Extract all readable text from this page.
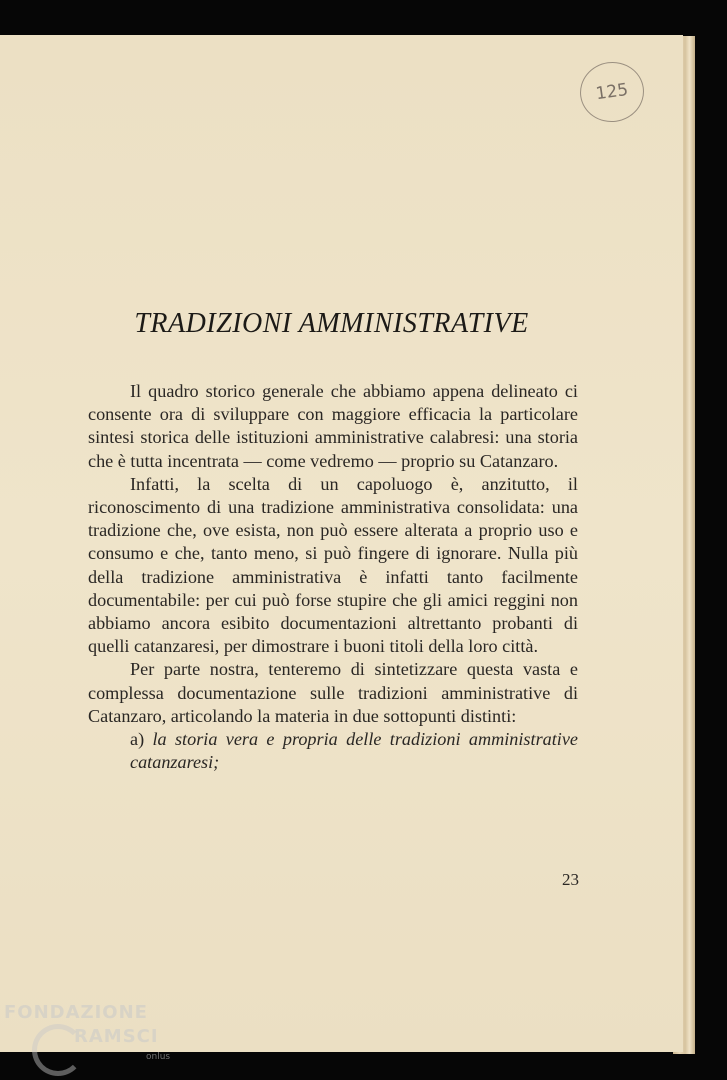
125
TRADIZIONI AMMINISTRATIVE

Il quadro storico generale che abbiamo appena delineato ci consente ora di sviluppare con maggiore efficacia la particolare sintesi storica delle istituzioni amministrative calabresi: una storia che è tutta incentrata — come vedremo — proprio su Catanzaro.

Infatti, la scelta di un capoluogo è, anzitutto, il riconoscimento di una tradizione amministrativa consolidata: una tradizione che, ove esista, non può essere alterata a proprio uso e consumo e che, tanto meno, si può fingere di ignorare. Nulla più della tradizione amministrativa è infatti tanto facilmente documentabile: per cui può forse stupire che gli amici reggini non abbiamo ancora esibito documentazioni altrettanto probanti di quelli catanzaresi, per dimostrare i buoni titoli della loro città.

Per parte nostra, tenteremo di sintetizzare questa vasta e complessa documentazione sulle tradizioni amministrative di Catanzaro, articolando la materia in due sottopunti distinti:

a) la storia vera e propria delle tradizioni amministrative catanzaresi;

23
FONDAZIONE
RAMSCI
onlus
